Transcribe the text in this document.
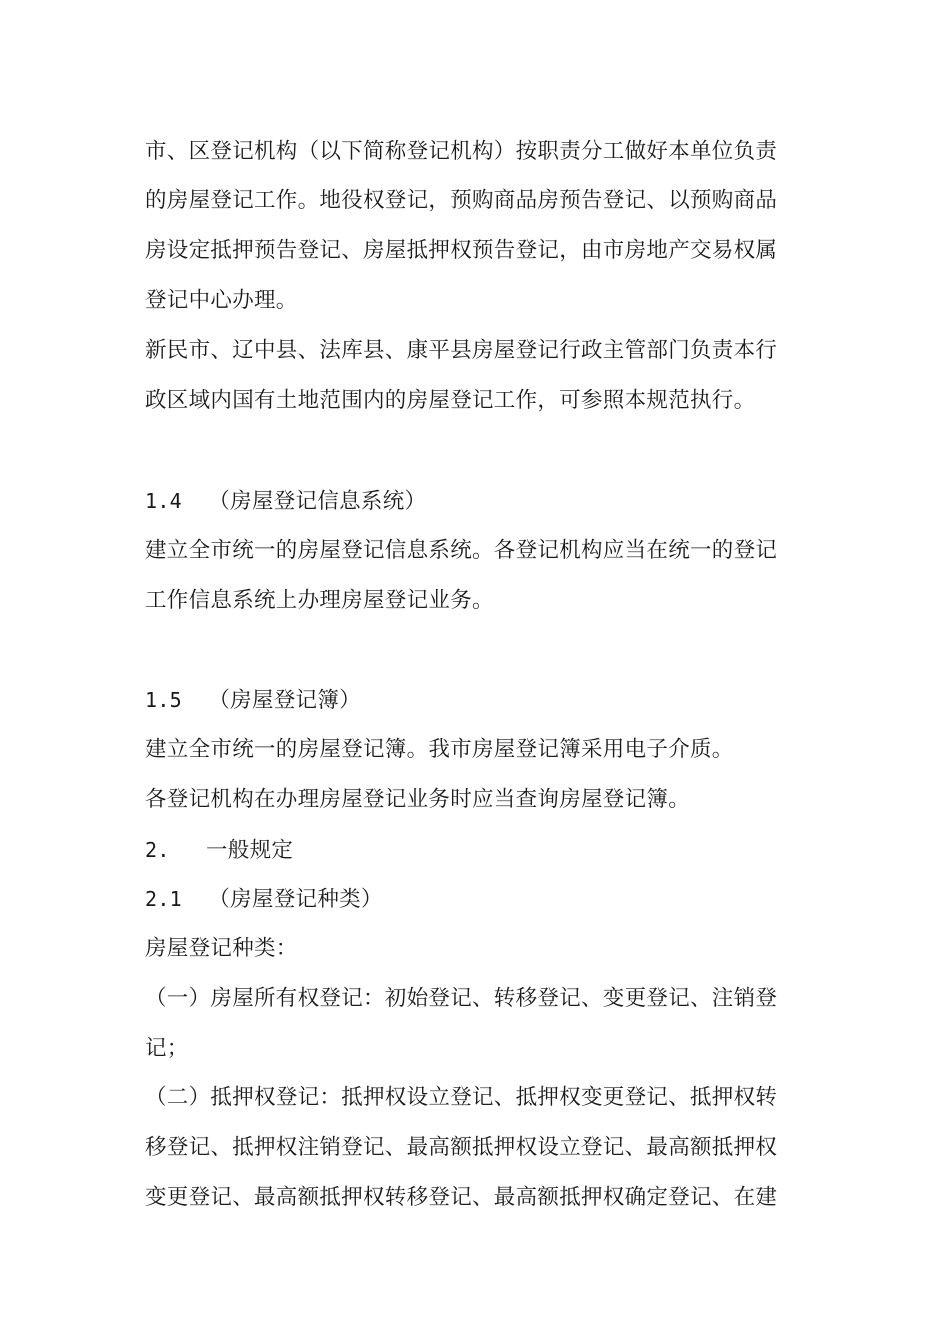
市、区登记机构（以下简称登记机构）按职责分工做好本单位负责
的房屋登记工作。地役权登记，预购商品房预告登记、以预购商品
房设定抵押预告登记、房屋抵押权预告登记，由市房地产交易权属
登记中心办理。
新民市、辽中县、法库县、康平县房屋登记行政主管部门负责本行
政区域内国有土地范围内的房屋登记工作，可参照本规范执行。
1.4 （房屋登记信息系统）
建立全市统一的房屋登记信息系统。各登记机构应当在统一的登记
工作信息系统上办理房屋登记业务。
1.5 （房屋登记簿）
建立全市统一的房屋登记簿。我市房屋登记簿采用电子介质。
各登记机构在办理房屋登记业务时应当查询房屋登记簿。
2. 一般规定
2.1 （房屋登记种类）
房屋登记种类：
（一）房屋所有权登记：初始登记、转移登记、变更登记、注销登
记；
（二）抵押权登记：抵押权设立登记、抵押权变更登记、抵押权转
移登记、抵押权注销登记、最高额抵押权设立登记、最高额抵押权
变更登记、最高额抵押权转移登记、最高额抵押权确定登记、在建
